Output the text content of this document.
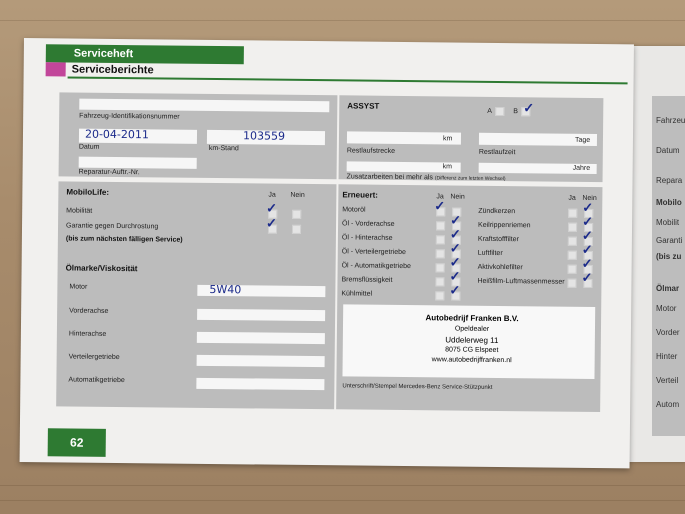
Fahrzeu
Datum
Repara
Mobilo
Mobilit
Garanti
(bis zu
Ölmar
Motor
Vorder
Hinter
Verteil
Autom
Serviceheft
Serviceberichte
Fahrzeug-Identifikationsnummer
20-04-2011
Datum
103559
km-Stand
Reparatur-Auftr.-Nr.
ASSYST
A	B ✓
km
Restlaufstrecke
Tage
Restlaufzeit
km	Jahre
Zusatzarbeiten bei mehr als (Differenz zum letzten Wechsel)
MobiloLife:	Ja Nein
Mobilität	✓
Garantie gegen Durchrostung	✓
(bis zum nächsten fälligen Service)
Ölmarke/Viskosität
Motor	5W40
Vorderachse
Hinterachse
Verteilergetriebe
Automatikgetriebe
Erneuert:	Ja Nein	Ja Nein
Motoröl	✓
Öl - Vorderachse	✓
Öl - Hinterachse	✓
Öl - Verteilergetriebe	✓
Öl - Automatikgetriebe	✓
Bremsflüssigkeit	✓
Kühlmittel	✓
Zündkerzen	✓
Keilrippenriemen	✓
Kraftstofffilter	✓
Luftfilter	✓
Aktivkohlefilter	✓
Heißfilm-Luftmassenmesser ✓
Autobedrijf Franken B.V.
Opeldealer
Uddelerweg 11
8075 CG Elspeet
www.autobedrijffranken.nl
Unterschrift/Stempel Mercedes-Benz Service-Stützpunkt
62
